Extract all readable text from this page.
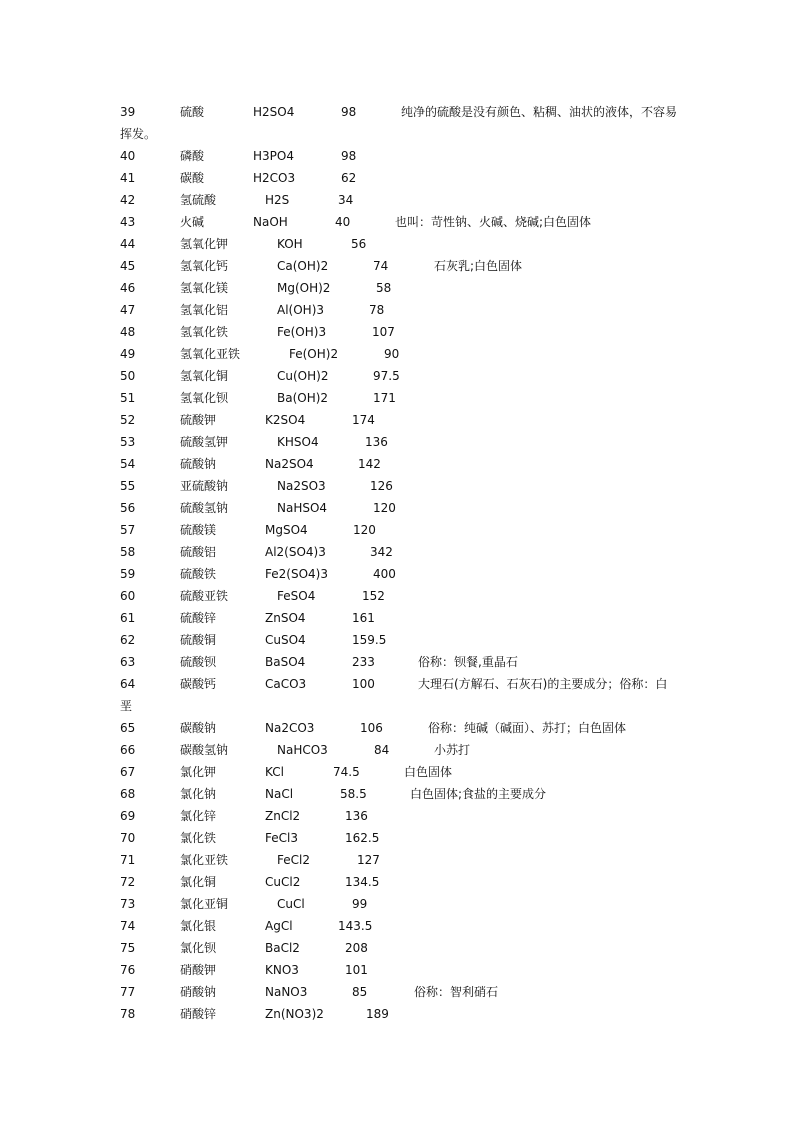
39	硫酸	H2SO4	98	纯净的硫酸是没有颜色、粘稠、油状的液体，不容易
挥发。
40	磷酸	H3PO4	98
41	碳酸	H2CO3	62
42	氢硫酸	H2S	34
43	火碱	NaOH	40	也叫：苛性钠、火碱、烧碱;白色固体
44	氢氧化钾	KOH	56
45	氢氧化钙	Ca(OH)2	74	石灰乳;白色固体
46	氢氧化镁	Mg(OH)2	58
47	氢氧化铝	Al(OH)3	78
48	氢氧化铁	Fe(OH)3	107
49	氢氧化亚铁	Fe(OH)2	90
50	氢氧化铜	Cu(OH)2	97.5
51	氢氧化钡	Ba(OH)2	171
52	硫酸钾	K2SO4	174
53	硫酸氢钾	KHSO4	136
54	硫酸钠	Na2SO4	142
55	亚硫酸钠	Na2SO3	126
56	硫酸氢钠	NaHSO4	120
57	硫酸镁	MgSO4	120
58	硫酸铝	Al2(SO4)3	342
59	硫酸铁	Fe2(SO4)3	400
60	硫酸亚铁	FeSO4	152
61	硫酸锌	ZnSO4	161
62	硫酸铜	CuSO4	159.5
63	硫酸钡	BaSO4	233	俗称：钡餐,重晶石
64	碳酸钙	CaCO3	100	大理石(方解石、石灰石)的主要成分；俗称：白
垩
65	碳酸钠	Na2CO3	106	俗称：纯碱（碱面）、苏打；白色固体
66	碳酸氢钠	NaHCO3	84	小苏打
67	氯化钾	KCl	74.5	白色固体
68	氯化钠	NaCl	58.5	白色固体;食盐的主要成分
69	氯化锌	ZnCl2	136
70	氯化铁	FeCl3	162.5
71	氯化亚铁	FeCl2	127
72	氯化铜	CuCl2	134.5
73	氯化亚铜	CuCl	99
74	氯化银	AgCl	143.5
75	氯化钡	BaCl2	208
76	硝酸钾	KNO3	101
77	硝酸钠	NaNO3	85	俗称：智利硝石
78	硝酸锌	Zn(NO3)2	189
